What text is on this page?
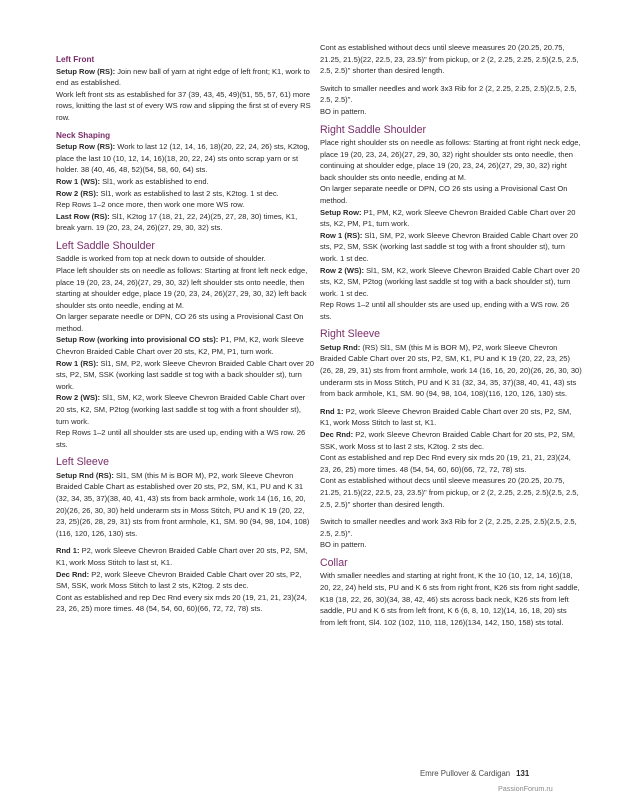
Left Front

Setup Row (RS): Join new ball of yarn at right edge of left front; K1, work to end as established.

Work left front sts as established for 37 (39, 43, 45, 49)(51, 55, 57, 61) more rows, knitting the last st of every WS row and slipping the first st of every RS row.

Neck Shaping

Setup Row (RS): Work to last 12 (12, 14, 16, 18)(20, 22, 24, 26) sts, K2tog, place the last 10 (10, 12, 14, 16)(18, 20, 22, 24) sts onto scrap yarn or st holder. 38 (40, 46, 48, 52)(54, 58, 60, 64) sts.

Row 1 (WS): Sl1, work as established to end.

Row 2 (RS): Sl1, work as established to last 2 sts, K2tog. 1 st dec.

Rep Rows 1–2 once more, then work one more WS row.

Last Row (RS): Sl1, K2tog 17 (18, 21, 22, 24)(25, 27, 28, 30) times, K1, break yarn. 19 (20, 23, 24, 26)(27, 29, 30, 32) sts.

Left Saddle Shoulder

Saddle is worked from top at neck down to outside of shoulder.

Place left shoulder sts on needle as follows: Starting at front left neck edge, place 19 (20, 23, 24, 26)(27, 29, 30, 32) left shoulder sts onto needle, then starting at shoulder edge, place 19 (20, 23, 24, 26)(27, 29, 30, 32) left back shoulder sts onto needle, ending at M.

On larger separate needle or DPN, CO 26 sts using a Provisional Cast On method.

Setup Row (working into provisional CO sts): P1, PM, K2, work Sleeve Chevron Braided Cable Chart over 20 sts, K2, PM, P1, turn work.

Row 1 (RS): Sl1, SM, P2, work Sleeve Chevron Braided Cable Chart over 20 sts, P2, SM, SSK (working last saddle st tog with a back shoulder st), turn work.

Row 2 (WS): Sl1, SM, K2, work Sleeve Chevron Braided Cable Chart over 20 sts, K2, SM, P2tog (working last saddle st tog with a front shoulder st), turn work.

Rep Rows 1–2 until all shoulder sts are used up, ending with a WS row. 26 sts.

Left Sleeve

Setup Rnd (RS): Sl1, SM (this M is BOR M), P2, work Sleeve Chevron Braided Cable Chart as established over 20 sts, P2, SM, K1, PU and K 31 (32, 34, 35, 37)(38, 40, 41, 43) sts from back armhole, work 14 (16, 16, 20, 20)(26, 26, 30, 30) held underarm sts in Moss Stitch, PU and K 19 (20, 22, 23, 25)(26, 28, 29, 31) sts from front armhole, K1, SM. 90 (94, 98, 104, 108)(116, 120, 126, 130) sts.

Rnd 1: P2, work Sleeve Chevron Braided Cable Chart over 20 sts, P2, SM, K1, work Moss Stitch to last st, K1.

Dec Rnd: P2, work Sleeve Chevron Braided Cable Chart over 20 sts, P2, SM, SSK, work Moss Stitch to last 2 sts, K2tog. 2 sts dec.

Cont as established and rep Dec Rnd every six rnds 20 (19, 21, 21, 23)(24, 23, 26, 25) more times. 48 (54, 54, 60, 60)(66, 72, 72, 78) sts.

Cont as established without decs until sleeve measures 20 (20.25, 20.75, 21.25, 21.5)(22, 22.5, 23, 23.5)" from pickup, or 2 (2, 2.25, 2.25, 2.5)(2.5, 2.5, 2.5, 2.5)" shorter than desired length.

Switch to smaller needles and work 3x3 Rib for 2 (2, 2.25, 2.25, 2.5)(2.5, 2.5, 2.5, 2.5)".

BO in pattern.

Right Saddle Shoulder

Place right shoulder sts on needle as follows: Starting at front right neck edge, place 19 (20, 23, 24, 26)(27, 29, 30, 32) right shoulder sts onto needle, then continuing at shoulder edge, place 19 (20, 23, 24, 26)(27, 29, 30, 32) right back shoulder sts onto needle, ending at M.

On larger separate needle or DPN, CO 26 sts using a Provisional Cast On method.

Setup Row: P1, PM, K2, work Sleeve Chevron Braided Cable Chart over 20 sts, K2, PM, P1, turn work.

Row 1 (RS): Sl1, SM, P2, work Sleeve Chevron Braided Cable Chart over 20 sts, P2, SM, SSK (working last saddle st tog with a front shoulder st), turn work. 1 st dec.

Row 2 (WS): Sl1, SM, K2, work Sleeve Chevron Braided Cable Chart over 20 sts, K2, SM, P2tog (working last saddle st tog with a back shoulder st), turn work. 1 st dec.

Rep Rows 1–2 until all shoulder sts are used up, ending with a WS row. 26 sts.

Right Sleeve

Setup Rnd: (RS) Sl1, SM (this M is BOR M), P2, work Sleeve Chevron Braided Cable Chart over 20 sts, P2, SM, K1, PU and K 19 (20, 22, 23, 25)(26, 28, 29, 31) sts from front armhole, work 14 (16, 16, 20, 20)(26, 26, 30, 30) underarm sts in Moss Stitch, PU and K 31 (32, 34, 35, 37)(38, 40, 41, 43) sts from back armhole, K1, SM. 90 (94, 98, 104, 108)(116, 120, 126, 130) sts.

Rnd 1: P2, work Sleeve Chevron Braided Cable Chart over 20 sts, P2, SM, K1, work Moss Stitch to last st, K1.

Dec Rnd: P2, work Sleeve Chevron Braided Cable Chart for 20 sts, P2, SM, SSK, work Moss st to last 2 sts, K2tog. 2 sts dec.

Cont as established and rep Dec Rnd every six rnds 20 (19, 21, 21, 23)(24, 23, 26, 25) more times. 48 (54, 54, 60, 60)(66, 72, 72, 78) sts.

Cont as established without decs until sleeve measures 20 (20.25, 20.75, 21.25, 21.5)(22, 22.5, 23, 23.5)" from pickup, or 2 (2, 2.25, 2.25, 2.5)(2.5, 2.5, 2.5, 2.5)" shorter than desired length.

Switch to smaller needles and work 3x3 Rib for 2 (2, 2.25, 2.25, 2.5)(2.5, 2.5, 2.5, 2.5)".

BO in pattern.

Collar

With smaller needles and starting at right front, K the 10 (10, 12, 14, 16)(18, 20, 22, 24) held sts, PU and K 6 sts from right front, K26 sts from right saddle, K18 (18, 22, 26, 30)(34, 38, 42, 46) sts across back neck, K26 sts from left saddle, PU and K 6 sts from left front, K 6 (6, 8, 10, 12)(14, 16, 18, 20) sts from left front, Sl4. 102 (102, 110, 118, 126)(134, 142, 150, 158) sts total.

Emre Pullover & Cardigan 131
PassionForum.ru
